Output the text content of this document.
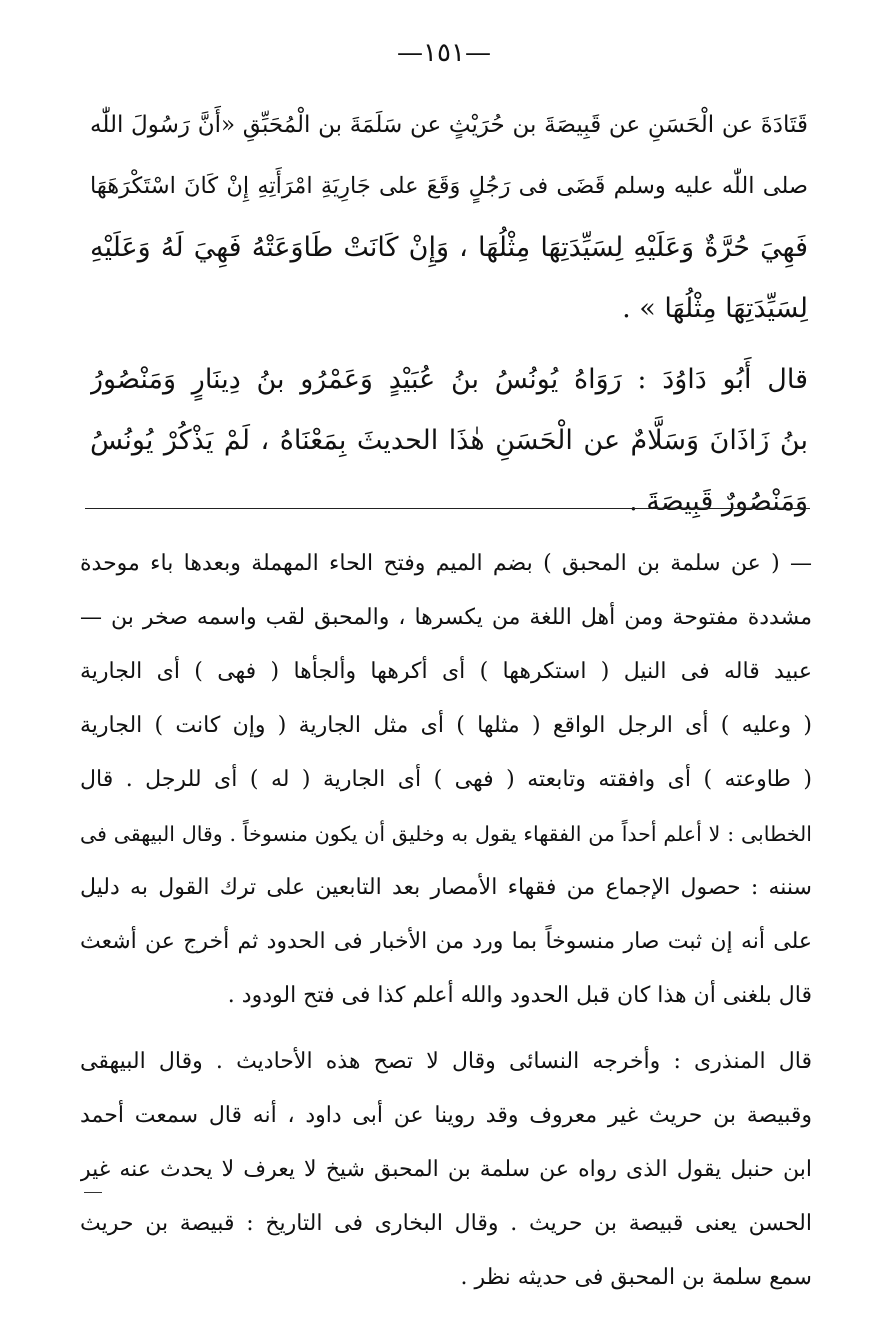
—١٥١—
قَتَادَةَ عن الْحَسَنِ عن قَبِيصَةَ بن حُرَيْثٍ عن سَلَمَةَ بن الْمُحَبِّقِ «أَنَّ رَسُولَ اللّٰه
صلى اللّٰه عليه وسلم قَضَى فى رَجُلٍ وَقَعَ على جَارِيَةِ امْرَأَتِهِ إِنْ كَانَ اسْتَكْرَهَهَا
فَهِيَ حُرَّةٌ وَعَلَيْهِ لِسَيِّدَتِهَا مِثْلُهَا ، وَإِنْ كَانَتْ طَاوَعَتْهُ فَهِيَ لَهُ وَعَلَيْهِ
لِسَيِّدَتِهَا مِثْلُهَا » .
قال أَبُو دَاوُدَ : رَوَاهُ يُونُسُ بنُ عُبَيْدٍ وَعَمْرُو بنُ دِينَارٍ وَمَنْصُورُ
بنُ زَاذَانَ وَسَلَّامٌ عن الْحَسَنِ هٰذَا الحديثَ بِمَعْنَاهُ ، لَمْ يَذْكُرْ يُونُسُ
وَمَنْصُورٌ قَبِيصَةَ .
— ( عن سلمة بن المحبق ) بضم الميم وفتح الحاء المهملة وبعدها باء موحدة
مشددة مفتوحة ومن أهل اللغة من يكسرها ، والمحبق لقب واسمه صخر بن —
عبيد قاله فى النيل ( استكرهها ) أى أكرهها وألجأها ( فهى ) أى الجارية
( وعليه ) أى الرجل الواقع ( مثلها ) أى مثل الجارية ( وإن كانت ) الجارية
( طاوعته ) أى وافقته وتابعته ( فهى ) أى الجارية ( له ) أى للرجل . قال
الخطابى : لا أعلم أحداً من الفقهاء يقول به وخليق أن يكون منسوخاً . وقال البيهقى فى
سننه : حصول الإجماع من فقهاء الأمصار بعد التابعين على ترك القول به دليل
على أنه إن ثبت صار منسوخاً بما ورد من الأخبار فى الحدود ثم أخرج عن أشعث
قال بلغنى أن هذا كان قبل الحدود والله أعلم كذا فى فتح الودود .
قال المنذرى : وأخرجه النسائى وقال لا تصح هذه الأحاديث . وقال البيهقى
وقبيصة بن حريث غير معروف وقد روينا عن أبى داود ، أنه قال سمعت أحمد
ابن حنبل يقول الذى رواه عن سلمة بن المحبق شيخ لا يعرف لا يحدث عنه غير
الحسن يعنى قبيصة بن حريث . وقال البخارى فى التاريخ : قبيصة بن حريث
سمع سلمة بن المحبق فى حديثه نظر .
